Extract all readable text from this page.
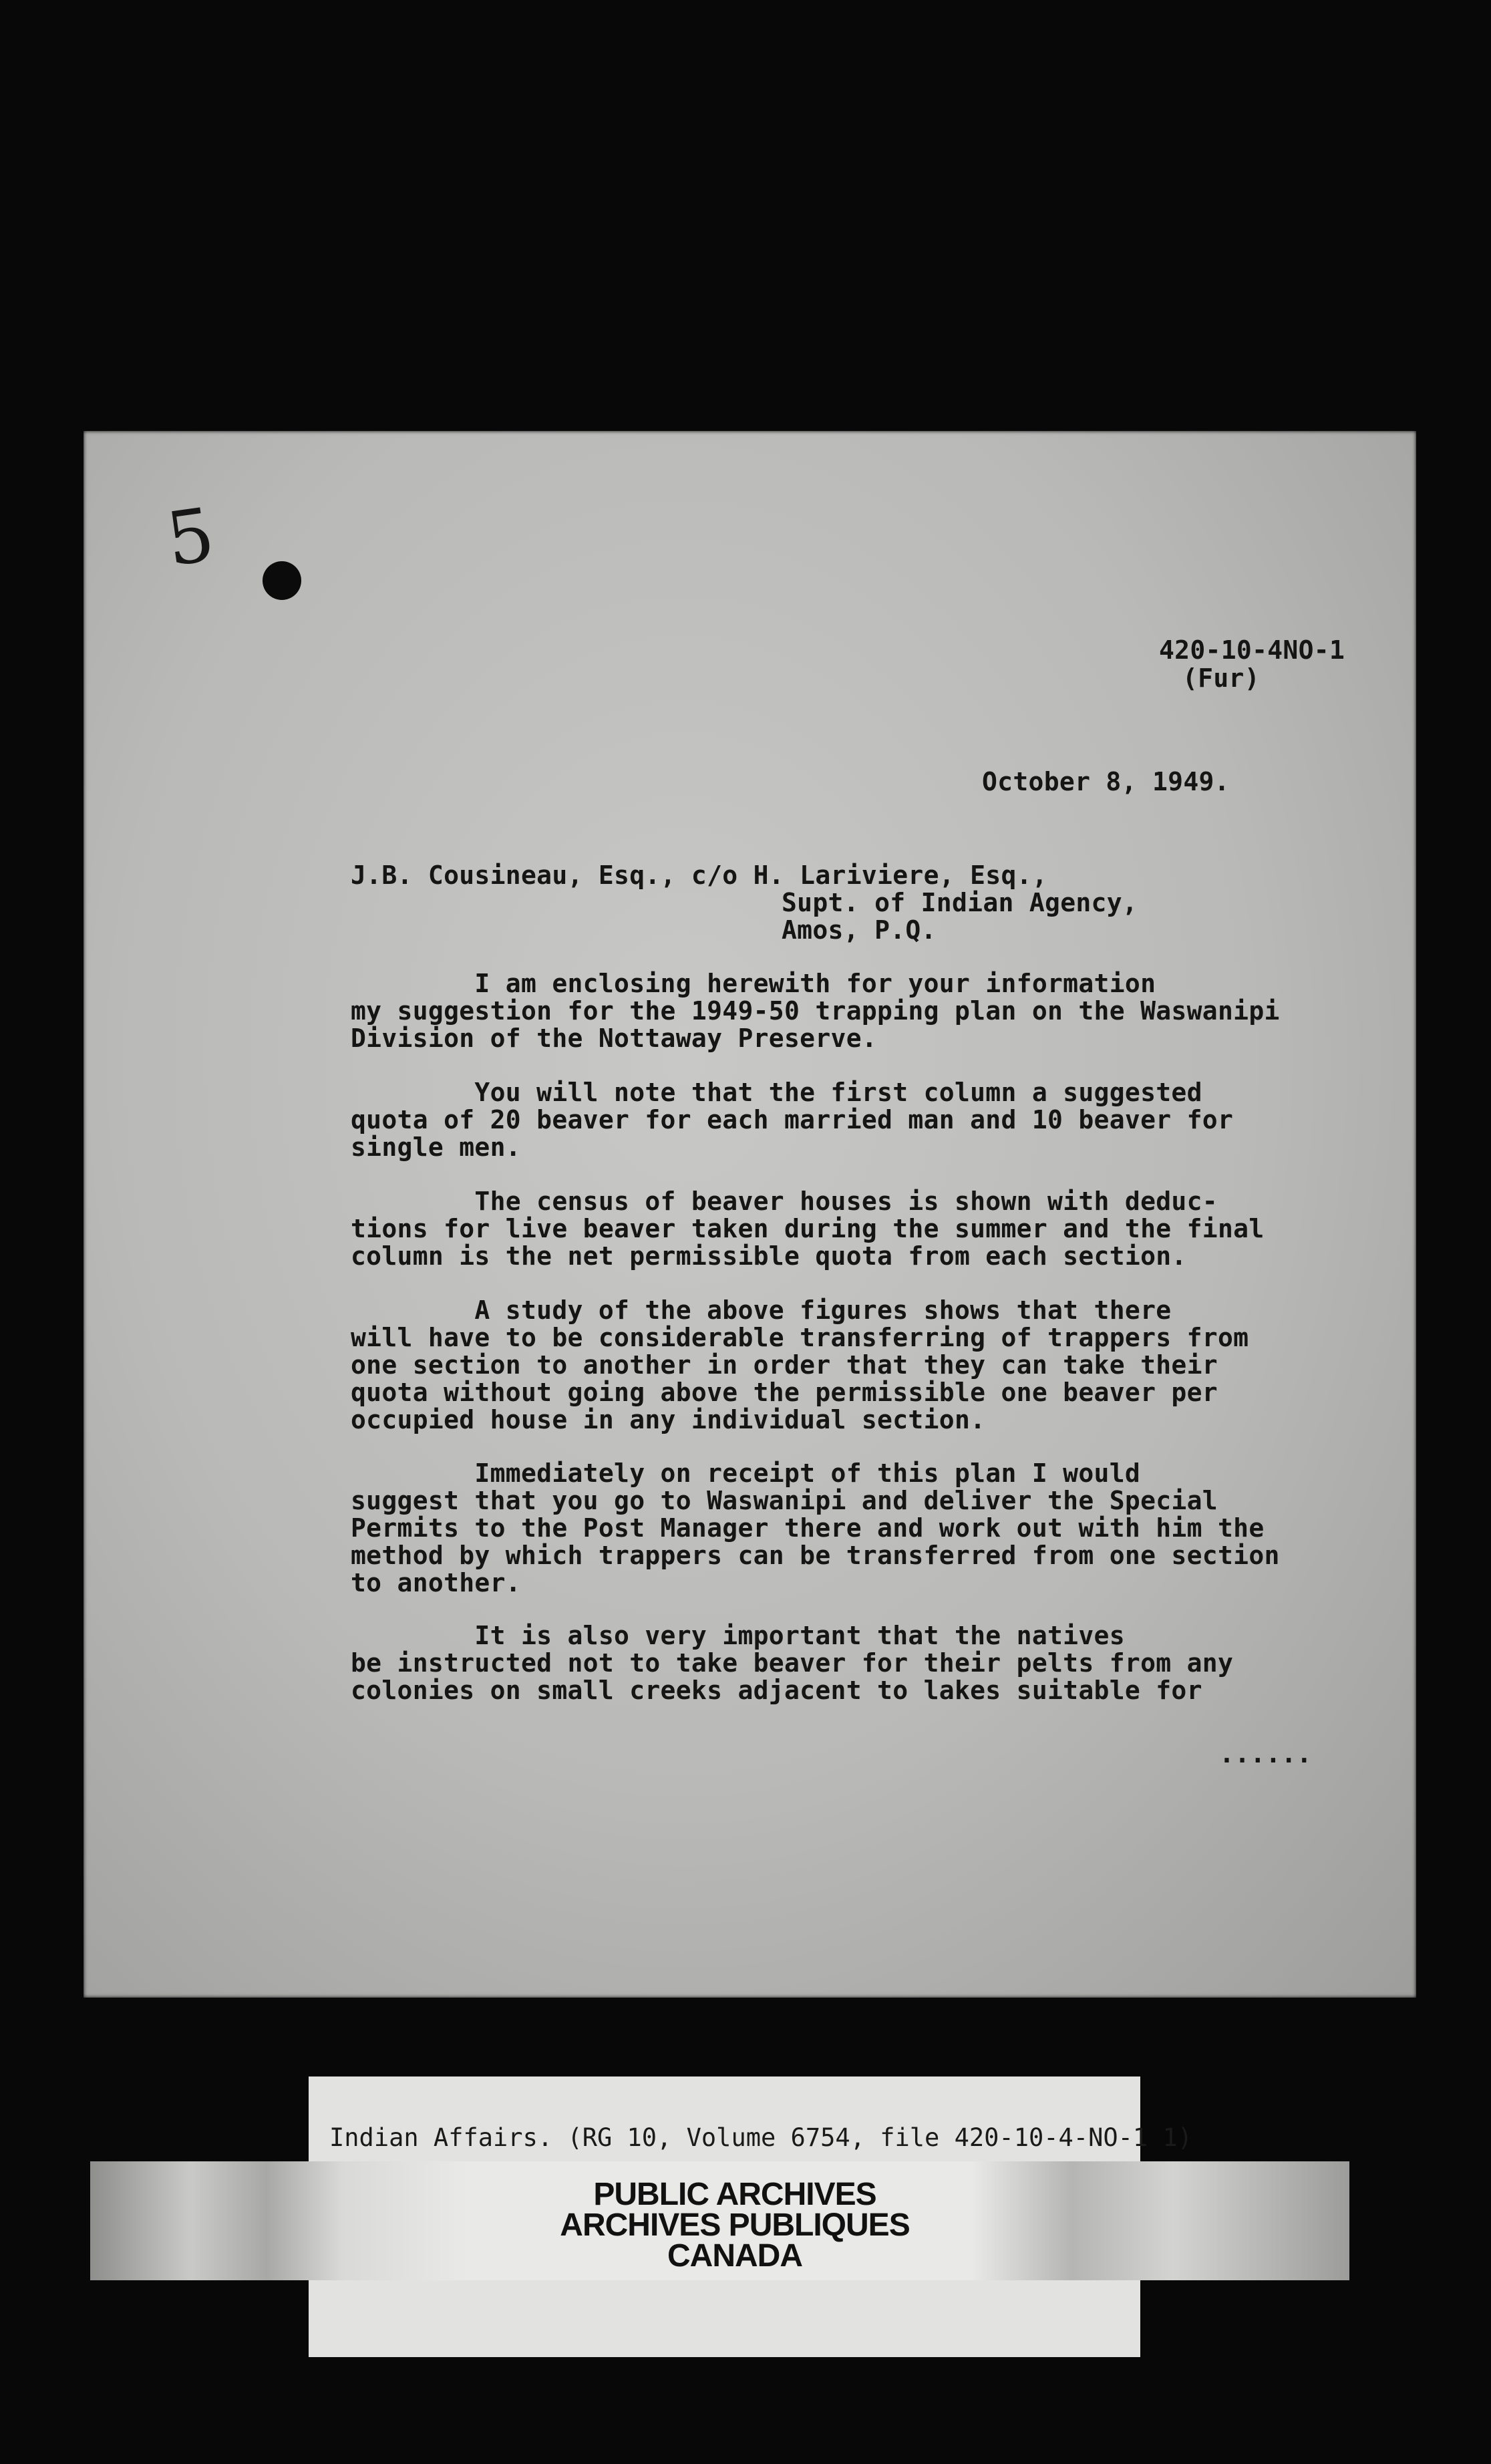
5
420-10-4NO-1
(Fur)
October 8, 1949.
J.B. Cousineau, Esq., c/o H. Lariviere, Esq.,
Supt. of Indian Agency,
Amos, P.Q.
I am enclosing herewith for your information
my suggestion for the 1949-50 trapping plan on the Waswanipi
Division of the Nottaway Preserve.
You will note that the first column a suggested
quota of 20 beaver for each married man and 10 beaver for
single men.
The census of beaver houses is shown with deduc-
tions for live beaver taken during the summer and the final
column is the net permissible quota from each section.
A study of the above figures shows that there
will have to be considerable transferring of trappers from
one section to another in order that they can take their
quota without going above the permissible one beaver per
occupied house in any individual section.
Immediately on receipt of this plan I would
suggest that you go to Waswanipi and deliver the Special
Permits to the Post Manager there and work out with him the
method by which trappers can be transferred from one section
to another.
It is also very important that the natives
be instructed not to take beaver for their pelts from any
colonies on small creeks adjacent to lakes suitable for
......
Indian Affairs. (RG 10, Volume 6754, file 420-10-4-NO-1 1)
PUBLIC ARCHIVES
ARCHIVES PUBLIQUES
CANADA
